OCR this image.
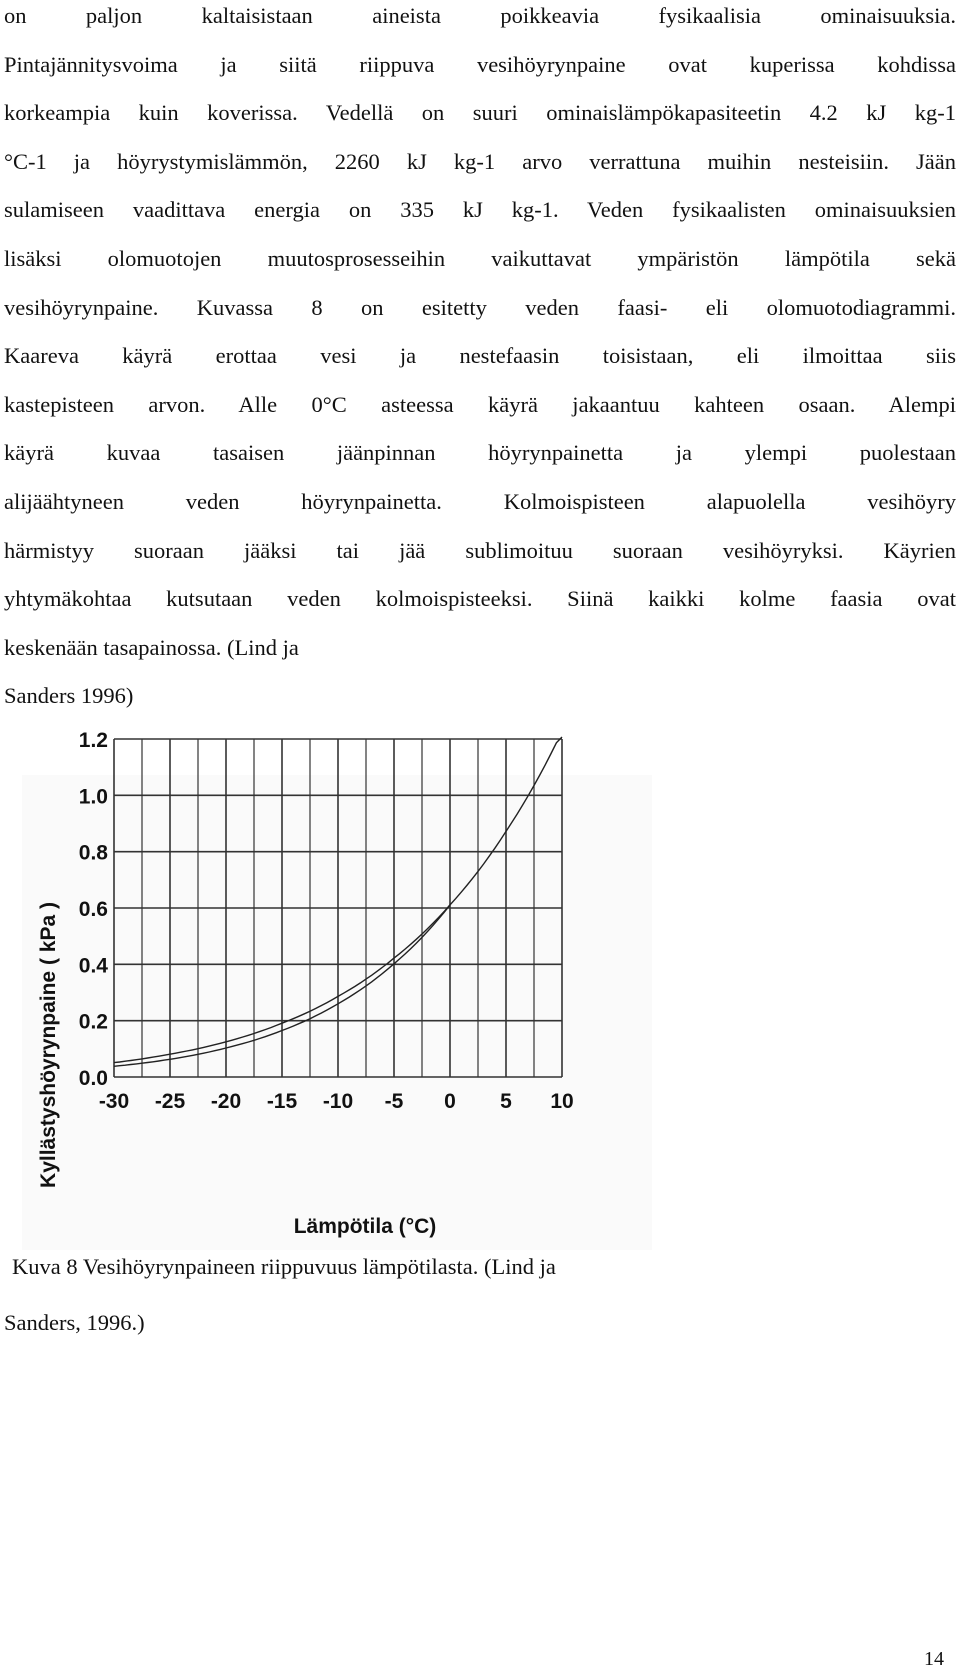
on paljon kaltaisistaan aineista poikkeavia fysikaalisia ominaisuuksia.
Pintajännitysvoima ja siitä riippuva vesihöyrynpaine ovat kuperissa kohdissa
korkeampia kuin koverissa. Vedellä on suuri ominaislämpökapasiteetin 4.2 kJ kg-1
°C-1 ja höyrystymislämmön, 2260 kJ kg-1 arvo verrattuna muihin nesteisiin. Jään
sulamiseen vaadittava energia on 335 kJ kg-1. Veden fysikaalisten ominaisuuksien
lisäksi olomuotojen muutosprosesseihin vaikuttavat ympäristön lämpötila sekä
vesihöyrynpaine. Kuvassa 8 on esitetty veden faasi- eli olomuotodiagrammi.
Kaareva käyrä erottaa vesi ja nestefaasin toisistaan, eli ilmoittaa siis
kastepisteen arvon. Alle 0°C asteessa käyrä jakaantuu kahteen osaan. Alempi
käyrä kuvaa tasaisen jäänpinnan höyrynpainetta ja ylempi puolestaan
alijäähtyneen veden höyrynpainetta. Kolmoispisteen alapuolella vesihöyry
härmistyy suoraan jääksi tai jää sublimoituu suoraan vesihöyryksi. Käyrien
yhtymäkohtaa kutsutaan veden kolmoispisteeksi. Siinä kaikki kolme faasia ovat
keskenään tasapainossa. (Lind ja
Sanders 1996)
0.0
0.2
0.4
0.6
0.8
1.0
1.2
-30 -25 -20 -15 -10 -5 0 5 10
Kyllästyshöyrynpaine ( kPa )
Lämpötila (°C)

Kuva 8 Vesihöyrynpaineen riippuvuus lämpötilasta. (Lind ja

Sanders, 1996.)

14
